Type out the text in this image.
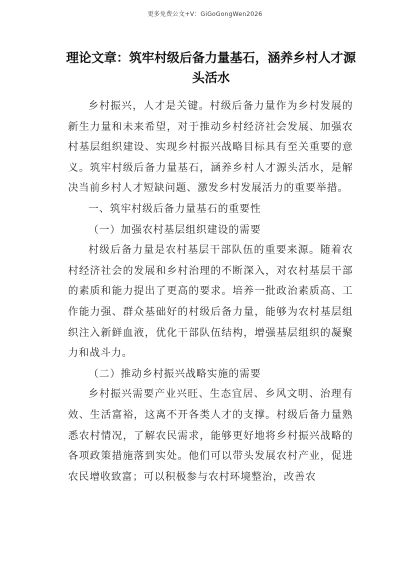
更多免费公文+V：GiGoGongWen2026
理论文章：筑牢村级后备力量基石，涵养乡村人才源头活水

乡村振兴，人才是关键。村级后备力量作为乡村发展的新生力量和未来希望，对于推动乡村经济社会发展、加强农村基层组织建设、实现乡村振兴战略目标具有至关重要的意义。筑牢村级后备力量基石，涵养乡村人才源头活水，是解决当前乡村人才短缺问题、激发乡村发展活力的重要举措。

一、筑牢村级后备力量基石的重要性

（一）加强农村基层组织建设的需要

村级后备力量是农村基层干部队伍的重要来源。随着农村经济社会的发展和乡村治理的不断深入，对农村基层干部的素质和能力提出了更高的要求。培养一批政治素质高、工作能力强、群众基础好的村级后备力量，能够为农村基层组织注入新鲜血液，优化干部队伍结构，增强基层组织的凝聚力和战斗力。

（二）推动乡村振兴战略实施的需要

乡村振兴需要产业兴旺、生态宜居、乡风文明、治理有效、生活富裕，这离不开各类人才的支撑。村级后备力量熟悉农村情况，了解农民需求，能够更好地将乡村振兴战略的各项政策措施落到实处。他们可以带头发展农村产业，促进农民增收致富；可以积极参与农村环境整治，改善农
